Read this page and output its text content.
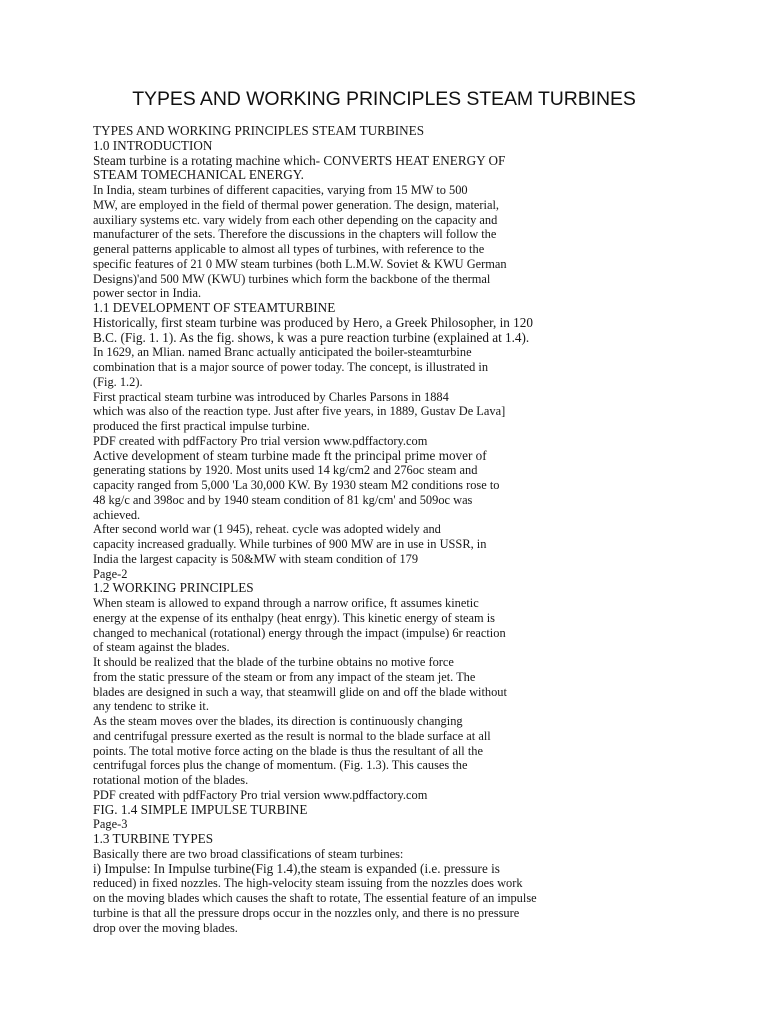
TYPES AND WORKING PRINCIPLES STEAM TURBINES
TYPES AND WORKING PRINCIPLES STEAM TURBINES
1.0 INTRODUCTION
Steam turbine is a rotating machine which- CONVERTS HEAT ENERGY OF
STEAM TOMECHANICAL ENERGY.
In India, steam turbines of different capacities, varying from 15 MW to 500
MW, are employed in the field of thermal power generation. The design, material,
auxiliary systems etc. vary widely from each other depending on the capacity and
manufacturer of the sets. Therefore the discussions in the chapters will follow the
general patterns applicable to almost all types of turbines, with reference to the
specific features of 21 0 MW steam turbines (both L.M.W. Soviet & KWU German
Designs)'and 500 MW (KWU) turbines which form the backbone of the thermal
power sector in India.
1.1 DEVELOPMENT OF STEAMTURBINE
Historically, first steam turbine was produced by Hero, a Greek Philosopher, in 120
B.C. (Fig. 1. 1). As the fig. shows, k was a pure reaction turbine (explained at 1.4).
In 1629, an Mlian. named Branc actually anticipated the boiler-steamturbine
combination that is a major source of power today. The concept, is illustrated in
(Fig. 1.2).
First practical steam turbine was introduced by Charles Parsons in 1884
which was also of the reaction type. Just after five years, in 1889, Gustav De Lava]
produced the first practical impulse turbine.
PDF created with pdfFactory Pro trial version www.pdffactory.com
Active development of steam turbine made ft the principal prime mover of
generating stations by 1920. Most units used 14 kg/cm2 and 276oc steam and
capacity ranged from 5,000 'La 30,000 KW. By 1930 steam M2 conditions rose to
48 kg/c and 398oc and by 1940 steam condition of 81 kg/cm' and 509oc was
achieved.
After second world war (1 945), reheat. cycle was adopted widely and
capacity increased gradually. While turbines of 900 MW are in use in USSR, in
India the largest capacity is 50&MW with steam condition of 179
Page-2
1.2 WORKING PRINCIPLES
When steam is allowed to expand through a narrow orifice, ft assumes kinetic
energy at the expense of its enthalpy (heat enrgy). This kinetic energy of steam is
changed to mechanical (rotational) energy through the impact (impulse) 6r reaction
of steam against the blades.
It should be realized that the blade of the turbine obtains no motive force
from the static pressure of the steam or from any impact of the steam jet. The
blades are designed in such a way, that steamwill glide on and off the blade without
any tendenc to strike it.
As the steam moves over the blades, its direction is continuously changing
and centrifugal pressure exerted as the result is normal to the blade surface at all
points. The total motive force acting on the blade is thus the resultant of all the
centrifugal forces plus the change of momentum. (Fig. 1.3). This causes the
rotational motion of the blades.
PDF created with pdfFactory Pro trial version www.pdffactory.com
FIG. 1.4 SIMPLE IMPULSE TURBINE
Page-3
1.3 TURBINE TYPES
Basically there are two broad classifications of steam turbines:
i) Impulse: In Impulse turbine(Fig 1.4),the steam is expanded (i.e. pressure is
reduced) in fixed nozzles. The high-velocity steam issuing from the nozzles does work
on the moving blades which causes the shaft to rotate, The essential feature of an impulse
turbine is that all the pressure drops occur in the nozzles only, and there is no pressure
drop over the moving blades.
